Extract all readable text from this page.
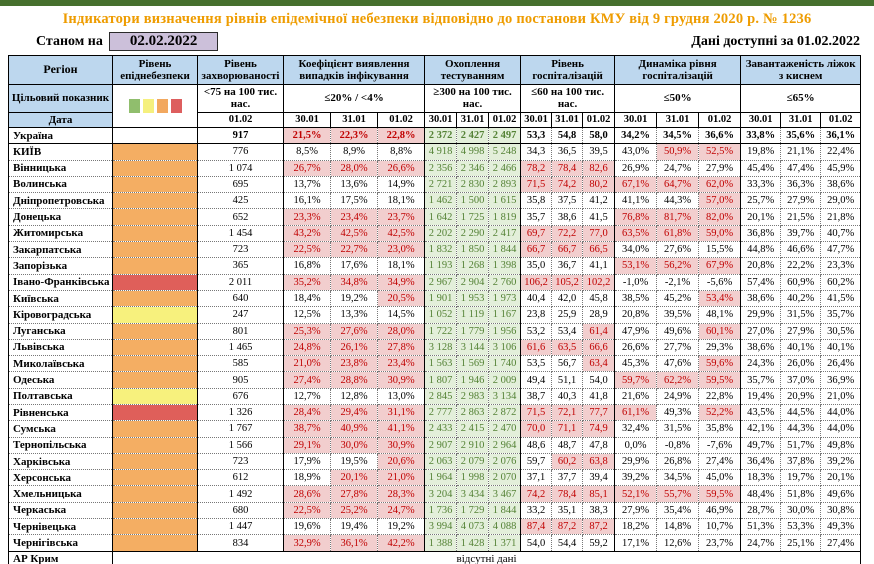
Індикатори визначення рівнів епідемічної небезпеки відповідно до постанови КМУ від 9 грудня 2020 р. № 1236
Станом на	02.02.2022	Дані доступні за 01.02.2022
Регіон	Рівень епіднебезпеки	Рівень захворюваності	Коефіцієнт виявлення випадків інфікування			Охоплення тестуванням			Рівень госпіталізацій			Динаміка рівня госпіталізацій			Завантаженість ліжок з киснем		
Цільовий показник		<75 на 100 тис. нас.	≤20% / <4%			≥300 на 100 тис. нас.			≤60 на 100 тис. нас.			≤50%			≤65%		
Дата		01.02	30.01	31.01	01.02	30.01	31.01	01.02	30.01	31.01	01.02	30.01	31.01	01.02	30.01	31.01	01.02
Україна		917	21,5%	22,3%	22,8%	2 372	2 427	2 497	53,3	54,8	58,0	34,2%	34,5%	36,6%	33,8%	35,6%	36,1%
КИЇВ		776	8,5%	8,9%	8,8%	4 918	4 998	5 248	34,3	36,5	39,5	43,0%	50,9%	52,5%	19,8%	21,1%	22,4%
Вінницька		1 074	26,7%	28,0%	26,6%	2 356	2 346	2 466	78,2	78,4	82,6	26,9%	24,7%	27,9%	45,4%	47,4%	45,9%
Волинська		695	13,7%	13,6%	14,9%	2 721	2 830	2 893	71,5	74,2	80,2	67,1%	64,7%	62,0%	33,3%	36,3%	38,6%
Дніпропетровська		425	16,1%	17,5%	18,1%	1 462	1 500	1 615	35,8	37,5	41,2	41,1%	44,3%	57,0%	25,7%	27,9%	29,0%
Донецька		652	23,3%	23,4%	23,7%	1 642	1 725	1 819	35,7	38,6	41,5	76,8%	81,7%	82,0%	20,1%	21,5%	21,8%
Житомирська		1 454	43,2%	42,5%	42,5%	2 202	2 290	2 417	69,7	72,2	77,0	63,5%	61,8%	59,0%	36,8%	39,7%	40,7%
Закарпатська		723	22,5%	22,7%	23,0%	1 832	1 850	1 844	66,7	66,7	66,5	34,0%	27,6%	15,5%	44,8%	46,6%	47,7%
Запорізька		365	16,8%	17,6%	18,1%	1 193	1 268	1 398	35,0	36,7	41,1	53,1%	56,2%	67,9%	20,8%	22,2%	23,3%
Івано-Франківська		2 011	35,2%	34,8%	34,9%	2 967	2 904	2 760	106,2	105,2	102,2	-1,0%	-2,1%	-5,6%	57,4%	60,9%	60,2%
Київська		640	18,4%	19,2%	20,5%	1 901	1 953	1 973	40,4	42,0	45,8	38,5%	45,2%	53,4%	38,6%	40,2%	41,5%
Кіровоградська		247	12,5%	13,3%	14,5%	1 052	1 119	1 167	23,8	25,9	28,9	20,8%	39,5%	48,1%	29,9%	31,5%	35,7%
Луганська		801	25,3%	27,6%	28,0%	1 722	1 779	1 956	53,2	53,4	61,4	47,9%	49,6%	60,1%	27,0%	27,9%	30,5%
Львівська		1 465	24,8%	26,1%	27,8%	3 128	3 144	3 106	61,6	63,5	66,6	26,6%	27,7%	29,3%	38,6%	40,1%	40,1%
Миколаївська		585	21,0%	23,8%	23,4%	1 563	1 569	1 740	53,5	56,7	63,4	45,3%	47,6%	59,6%	24,3%	26,0%	26,4%
Одеська		905	27,4%	28,8%	30,9%	1 807	1 946	2 009	49,4	51,1	54,0	59,7%	62,2%	59,5%	35,7%	37,0%	36,9%
Полтавська		676	12,7%	12,8%	13,0%	2 845	2 983	3 134	38,7	40,3	41,8	21,6%	24,9%	22,8%	19,4%	20,9%	21,0%
Рівненська		1 326	28,4%	29,4%	31,1%	2 777	2 863	2 872	71,5	72,1	77,7	61,1%	49,3%	52,2%	43,5%	44,5%	44,0%
Сумська		1 767	38,7%	40,9%	41,1%	2 433	2 415	2 470	70,0	71,1	74,9	32,4%	31,5%	35,8%	42,1%	44,3%	44,0%
Тернопільська		1 566	29,1%	30,0%	30,9%	2 907	2 910	2 964	48,6	48,7	47,8	0,0%	-0,8%	-7,6%	49,7%	51,7%	49,8%
Харківська		723	17,9%	19,5%	20,6%	2 063	2 079	2 076	59,7	60,2	63,8	29,9%	26,8%	27,4%	36,4%	37,8%	39,2%
Херсонська		612	18,9%	20,1%	21,0%	1 964	1 998	2 070	37,1	37,7	39,4	39,2%	34,5%	45,0%	18,3%	19,7%	20,1%
Хмельницька		1 492	28,6%	27,8%	28,3%	3 204	3 434	3 467	74,2	78,4	85,1	52,1%	55,7%	59,5%	48,4%	51,8%	49,6%
Черкаська		680	22,5%	25,2%	24,7%	1 736	1 729	1 844	33,2	35,1	38,3	27,9%	35,4%	46,9%	28,7%	30,0%	30,8%
Чернівецька		1 447	19,6%	19,4%	19,2%	3 994	4 073	4 088	87,4	87,2	87,2	18,2%	14,8%	10,7%	51,3%	53,3%	49,3%
Чернігівська		834	32,9%	36,1%	42,2%	1 388	1 428	1 371	54,0	54,4	59,2	17,1%	12,6%	23,7%	24,7%	25,1%	27,4%
АР Крим	відсутні дані																
